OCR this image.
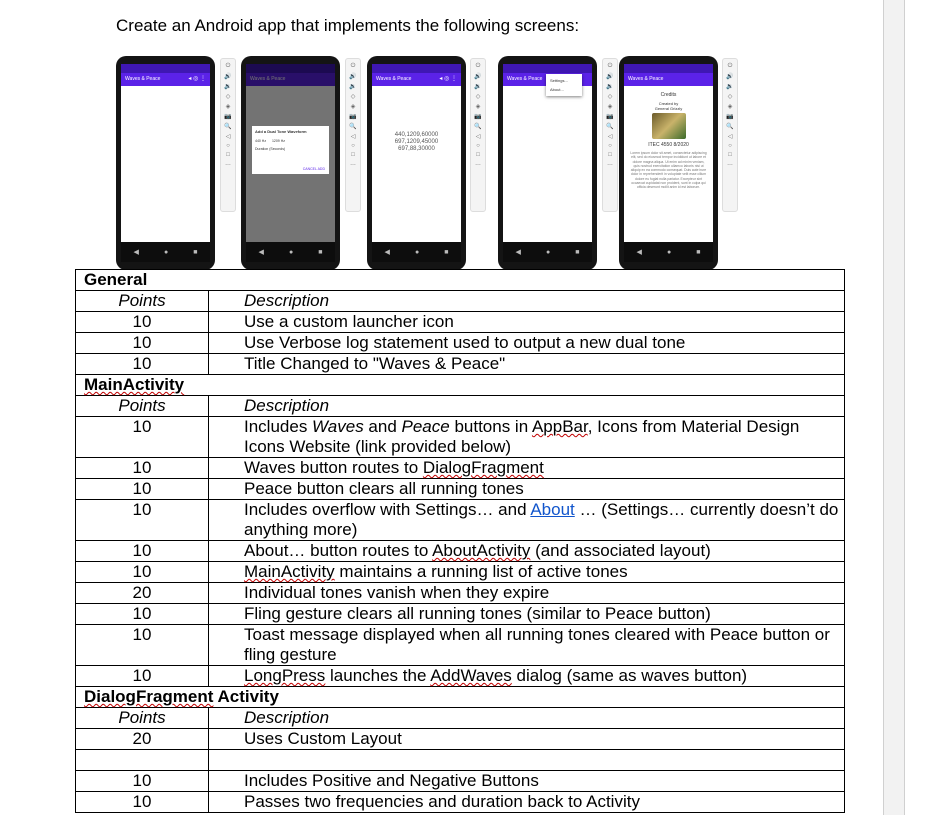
Create an Android app that implements the following screens:
Waves & Peace	◂ ◎ ⋮
◀	●	■
⏻
🔊
🔉
◇
◈
📷
🔍
◁
○
□
…
Add a Dual Tone Waveform
440 Hz 1209 Hz
Duration (Seconds)
CANCEL ADD
◀	●	■
⏻
🔊
🔉
◇
◈
📷
🔍
◁
○
□
…
Waves & Peace	◂ ◎ ⋮
440,1209,60000
697,1209,45000
697,88,30000
◀	●	■
⏻
🔊
🔉
◇
◈
📷
🔍
◁
○
□
…
Waves & Peace	Settings...
About...
◀	●	■
⏻
🔊
🔉
◇
◈
📷
🔍
◁
○
□
…
Waves & Peace
Credits
Created by
General Grizzly
ITEC 4550 8/2020
Lorem ipsum dolor sit amet, consectetur adipiscing elit, sed do eiusmod tempor incididunt ut labore et dolore magna aliqua. Ut enim ad minim veniam, quis nostrud exercitation ullamco laboris nisi ut aliquip ex ea commodo consequat. Duis aute irure dolor in reprehenderit in voluptate velit esse cillum dolore eu fugiat nulla pariatur. Excepteur sint occaecat cupidatat non proident, sunt in culpa qui officia deserunt mollit anim id est laborum.
◀	●	■
⏻
🔊
🔉
◇
◈
📷
🔍
◁
○
□
…
General	
Points	Description
10	Use a custom launcher icon
10	Use Verbose log statement used to output a new dual tone
10	Title Changed to "Waves & Peace"
MainActivity	
Points	Description
10	Includes Waves and Peace buttons in AppBar, Icons from Material Design Icons Website (link provided below)
10	Waves button routes to DialogFragment
10	Peace button clears all running tones
10	Includes overflow with Settings… and About … (Settings… currently doesn’t do anything more)
10	About… button routes to AboutActivity (and associated layout)
10	MainActivity maintains a running list of active tones
20	Individual tones vanish when they expire
10	Fling gesture clears all running tones (similar to Peace button)
10	Toast message displayed when all running tones cleared with Peace button or fling gesture
10	LongPress launches the AddWaves dialog (same as waves button)
DialogFragment Activity	
Points	Description
20	Uses Custom Layout

10	Includes Positive and Negative Buttons
10	Passes two frequencies and duration back to Activity
